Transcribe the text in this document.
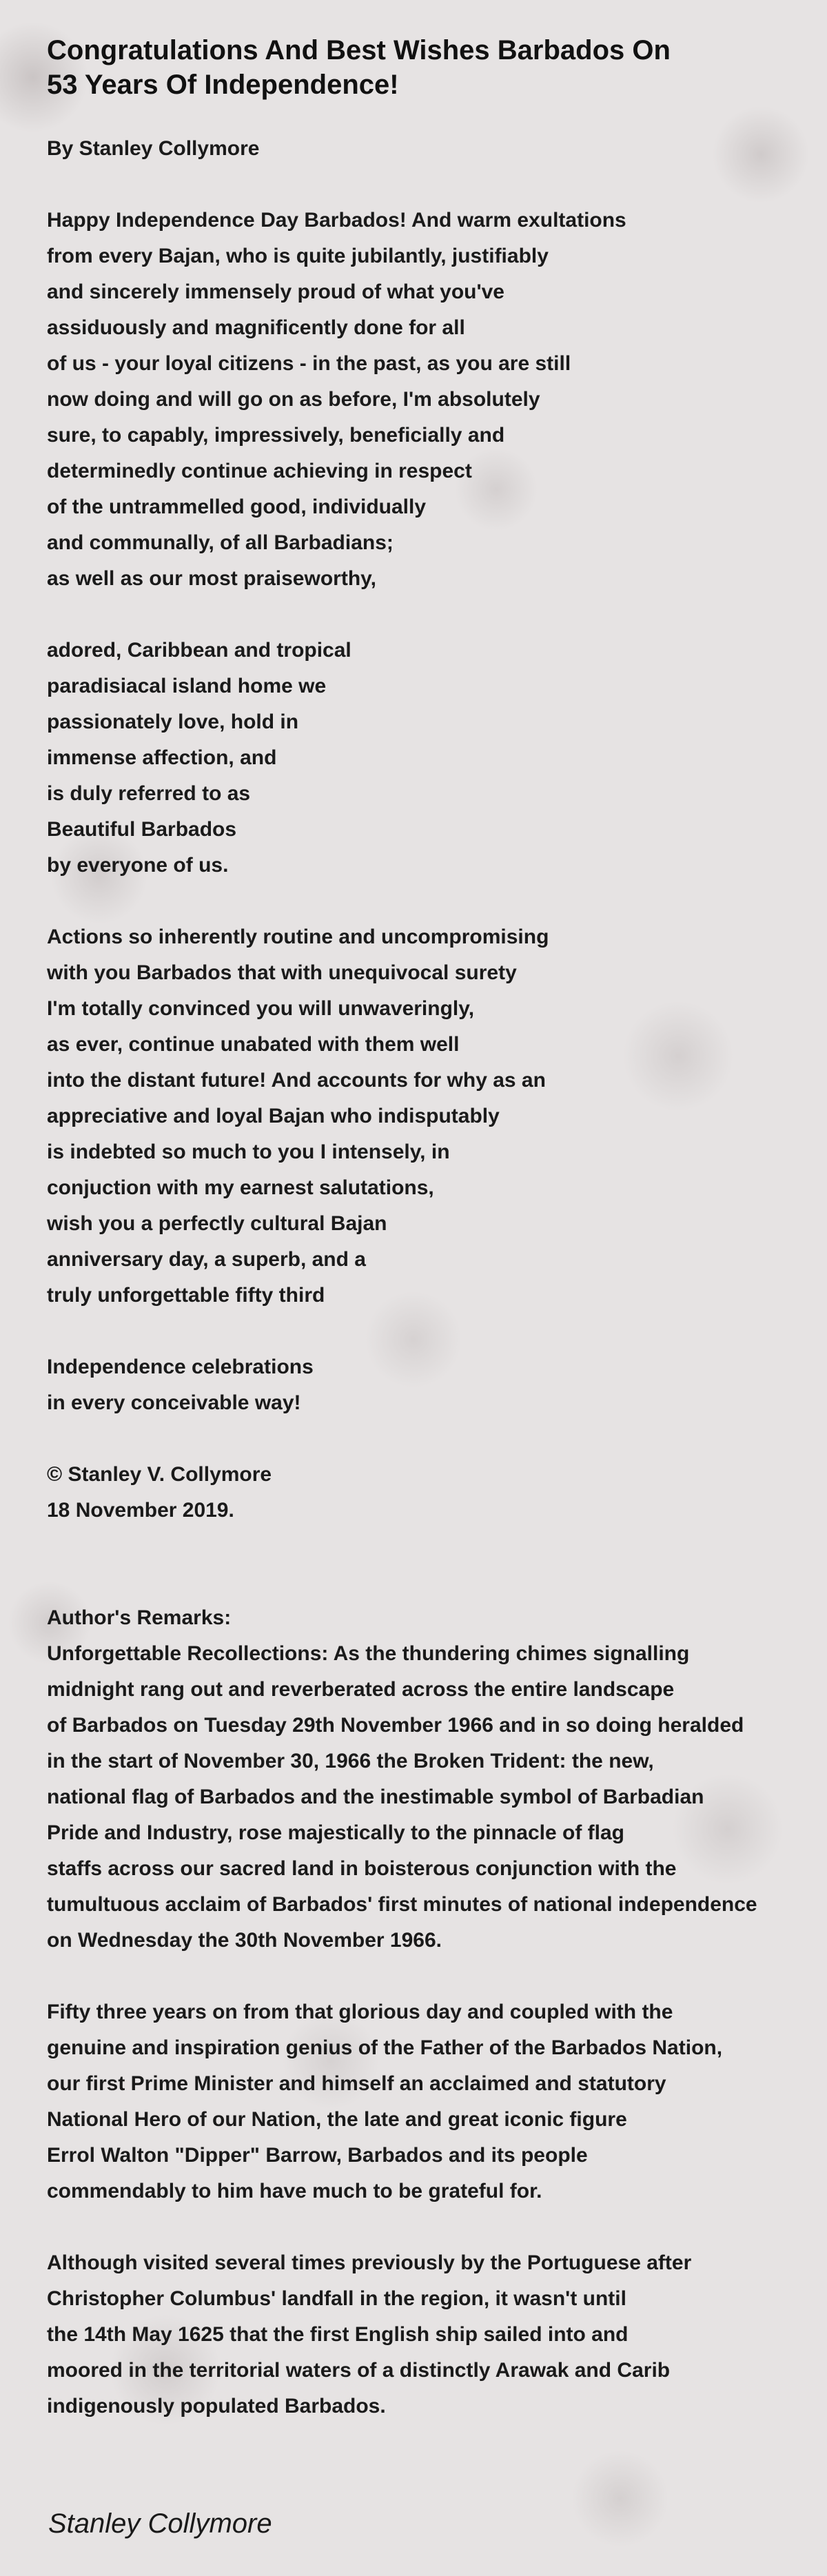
Congratulations And Best Wishes Barbados On
53 Years Of Independence!
By Stanley Collymore
Happy Independence Day Barbados! And warm exultations
from every Bajan, who is quite jubilantly, justifiably
and sincerely immensely proud of what you've
assiduously and magnificently done for all
of us - your loyal citizens - in the past, as you are still
now doing and will go on as before, I'm absolutely
sure, to capably, impressively, beneficially and
determinedly continue achieving in respect
of the untrammelled good, individually
and communally, of all Barbadians;
as well as our most praiseworthy,
adored, Caribbean and tropical
paradisiacal island home we
passionately love, hold in
immense affection, and
is duly referred to as
Beautiful Barbados
by everyone of us.
Actions so inherently routine and uncompromising
with you Barbados that with unequivocal surety
I'm totally convinced you will unwaveringly,
as ever, continue unabated with them well
into the distant future! And accounts for why as an
appreciative and loyal Bajan who indisputably
is indebted so much to you I intensely, in
conjuction with my earnest salutations,
wish you a perfectly cultural Bajan
anniversary day, a superb, and a
truly unforgettable fifty third
Independence celebrations
in every conceivable way!
© Stanley V. Collymore
18 November 2019.
Author's Remarks:
Unforgettable Recollections: As the thundering chimes signalling
midnight rang out and reverberated across the entire landscape
of Barbados on Tuesday 29th November 1966 and in so doing heralded
in the start of November 30, 1966 the Broken Trident: the new,
national flag of Barbados and the inestimable symbol of Barbadian
Pride and Industry, rose majestically to the pinnacle of flag
staffs across our sacred land in boisterous conjunction with the
tumultuous acclaim of Barbados' first minutes of national independence
on Wednesday the 30th November 1966.
Fifty three years on from that glorious day and coupled with the
genuine and inspiration genius of the Father of the Barbados Nation,
our first Prime Minister and himself an acclaimed and statutory
National Hero of our Nation, the late and great iconic figure
Errol Walton "Dipper" Barrow, Barbados and its people
commendably to him have much to be grateful for.
Although visited several times previously by the Portuguese after
Christopher Columbus' landfall in the region, it wasn't until
the 14th May 1625 that the first English ship sailed into and
moored in the territorial waters of a distinctly Arawak and Carib
indigenously populated Barbados.
Stanley Collymore
